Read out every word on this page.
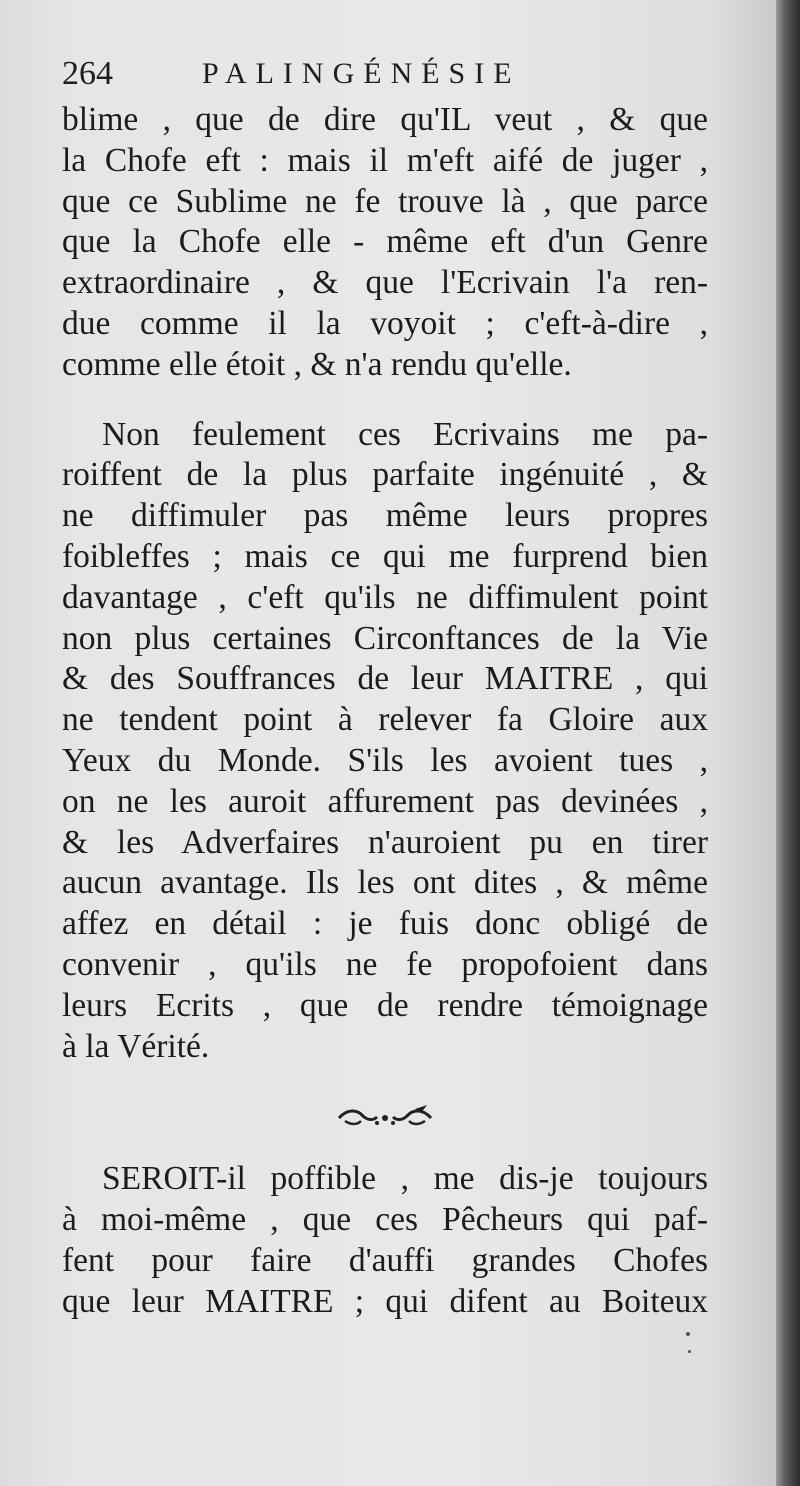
264	PALINGÉNÉSIE
blime , que de dire qu'IL veut , & que
la Chofe eft : mais il m'eft aifé de juger ,
que ce Sublime ne fe trouve là , que parce
que la Chofe elle - même eft d'un Genre
extraordinaire , & que l'Ecrivain l'a ren-
due comme il la voyoit ; c'eft-à-dire ,
comme elle étoit , & n'a rendu qu'elle.
Non feulement ces Ecrivains me pa-
roiffent de la plus parfaite ingénuité , &
ne diffimuler pas même leurs propres
foibleffes ; mais ce qui me furprend bien
davantage , c'eft qu'ils ne diffimulent point
non plus certaines Circonftances de la Vie
& des Souffrances de leur MAITRE , qui
ne tendent point à relever fa Gloire aux
Yeux du Monde. S'ils les avoient tues ,
on ne les auroit affurement pas devinées ,
& les Adverfaires n'auroient pu en tirer
aucun avantage. Ils les ont dites , & même
affez en détail : je fuis donc obligé de
convenir , qu'ils ne fe propofoient dans
leurs Ecrits , que de rendre témoignage
à la Vérité.
SEROIT-il poffible , me dis-je toujours
à moi-même , que ces Pêcheurs qui paf-
fent pour faire d'auffi grandes Chofes
que leur MAITRE ; qui difent au Boiteux
